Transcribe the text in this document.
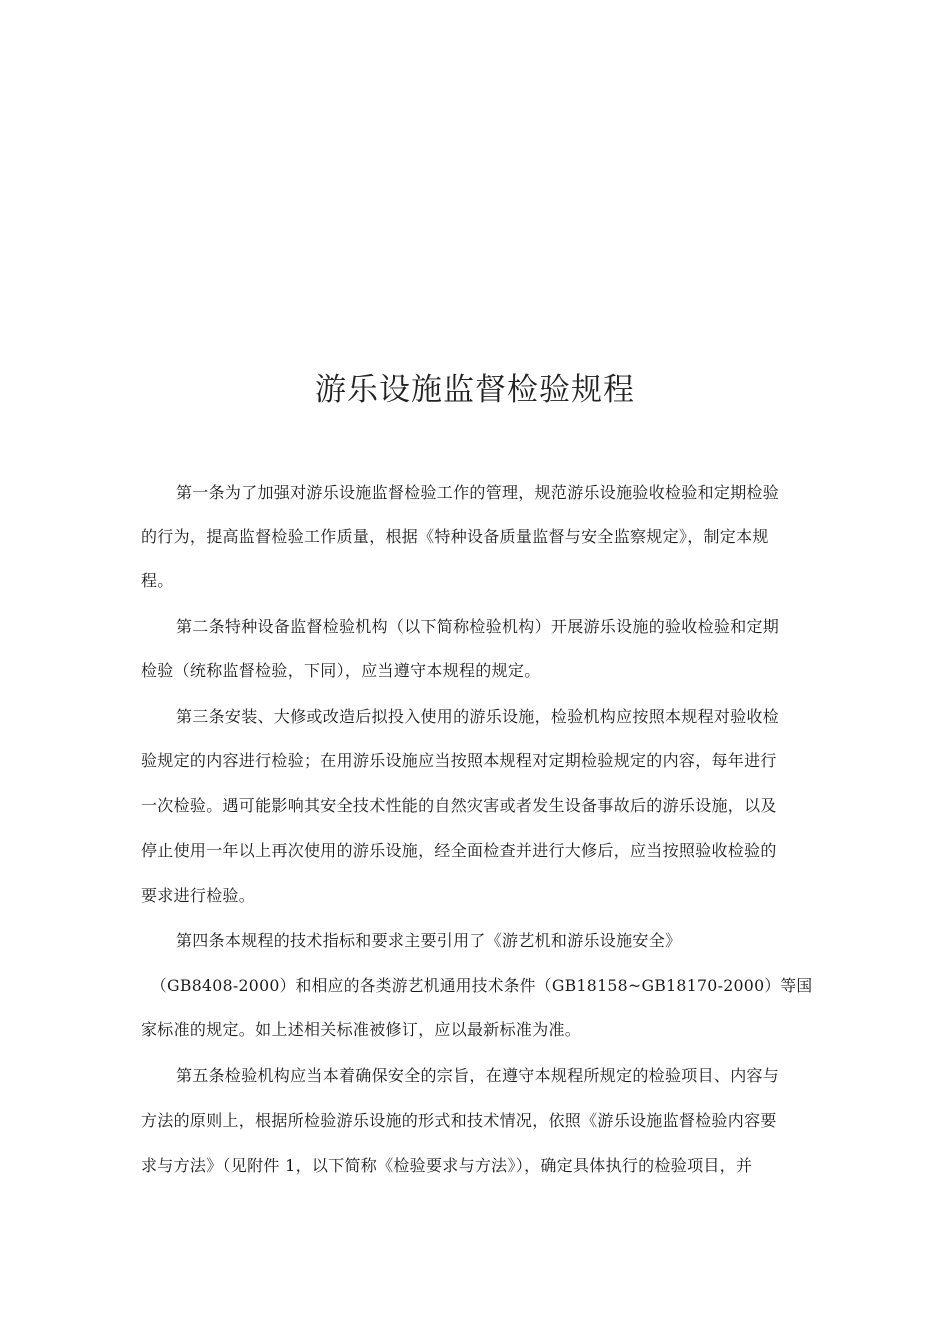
游乐设施监督检验规程
第一条为了加强对游乐设施监督检验工作的管理，规范游乐设施验收检验和定期检验
的行为，提高监督检验工作质量，根据《特种设备质量监督与安全监察规定》，制定本规
程。
第二条特种设备监督检验机构（以下简称检验机构）开展游乐设施的验收检验和定期
检验（统称监督检验，下同），应当遵守本规程的规定。
第三条安装、大修或改造后拟投入使用的游乐设施，检验机构应按照本规程对验收检
验规定的内容进行检验；在用游乐设施应当按照本规程对定期检验规定的内容，每年进行
一次检验。遇可能影响其安全技术性能的自然灾害或者发生设备事故后的游乐设施，以及
停止使用一年以上再次使用的游乐设施，经全面检查并进行大修后，应当按照验收检验的
要求进行检验。
第四条本规程的技术指标和要求主要引用了《游艺机和游乐设施安全》
（GB8408-2000）和相应的各类游艺机通用技术条件（GB18158~GB18170-2000）等国
家标准的规定。如上述相关标准被修订，应以最新标准为准。
第五条检验机构应当本着确保安全的宗旨，在遵守本规程所规定的检验项目、内容与
方法的原则上，根据所检验游乐设施的形式和技术情况，依照《游乐设施监督检验内容要
求与方法》（见附件 1，以下简称《检验要求与方法》），确定具体执行的检验项目，并
